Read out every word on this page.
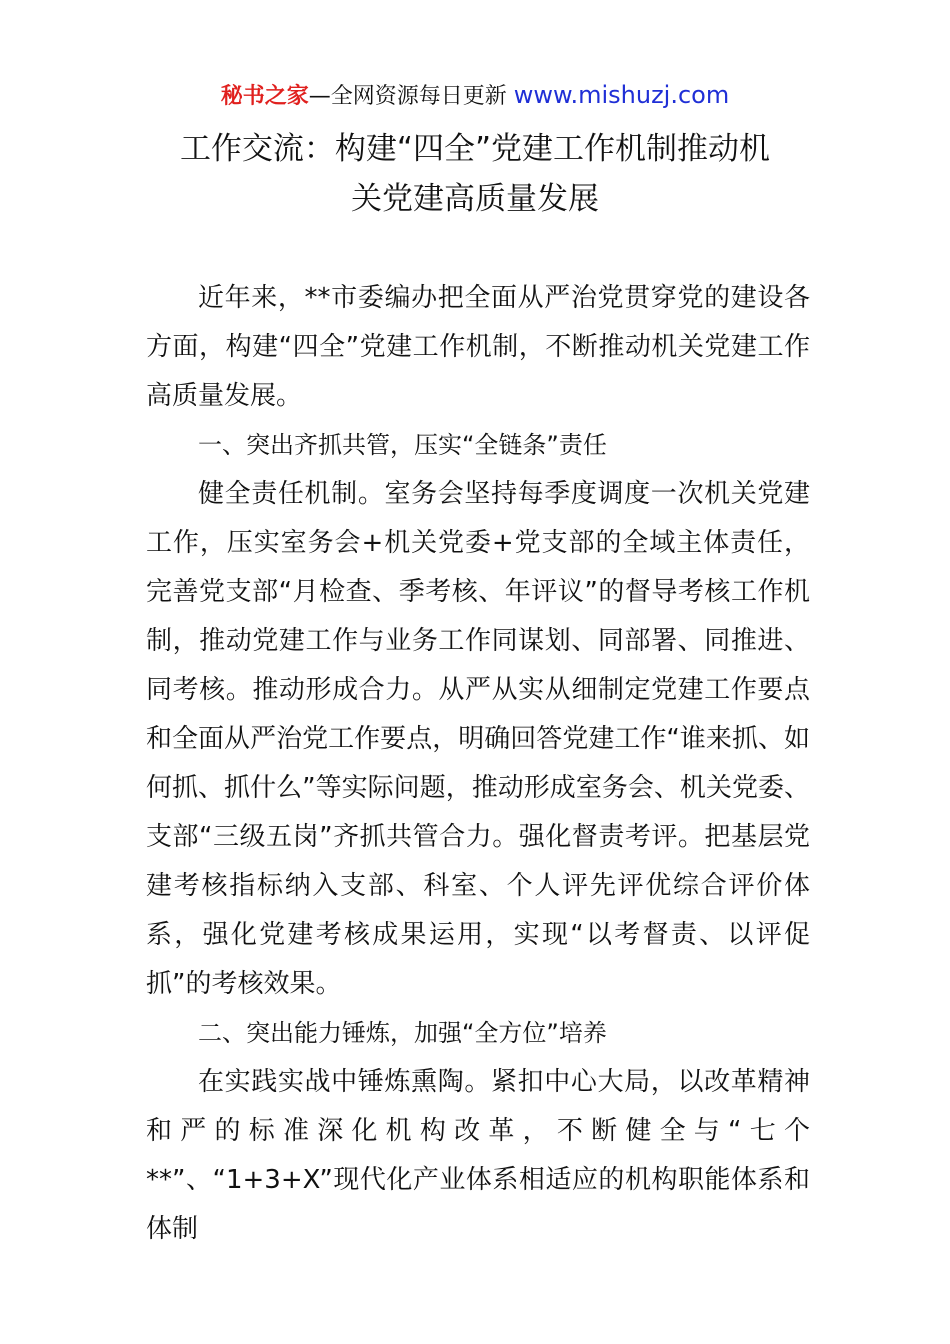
秘书之家—全网资源每日更新 www.mishuzj.com
工作交流：构建“四全”党建工作机制推动机
关党建高质量发展

近年来，**市委编办把全面从严治党贯穿党的建设各方面，构建“四全”党建工作机制，不断推动机关党建工作高质量发展。

一、突出齐抓共管，压实“全链条”责任

健全责任机制。室务会坚持每季度调度一次机关党建工作，压实室务会+机关党委+党支部的全域主体责任，完善党支部“月检查、季考核、年评议”的督导考核工作机制，推动党建工作与业务工作同谋划、同部署、同推进、同考核。推动形成合力。从严从实从细制定党建工作要点和全面从严治党工作要点，明确回答党建工作“谁来抓、如何抓、抓什么”等实际问题，推动形成室务会、机关党委、支部“三级五岗”齐抓共管合力。强化督责考评。把基层党建考核指标纳入支部、科室、个人评先评优综合评价体系，强化党建考核成果运用，实现“以考督责、以评促抓”的考核效果。

二、突出能力锤炼，加强“全方位”培养

在实践实战中锤炼熏陶。紧扣中心大局，以改革精神和严的标准深化机构改革，不断健全与“七个**”、“1+3+X”现代化产业体系相适应的机构职能体系和体制
